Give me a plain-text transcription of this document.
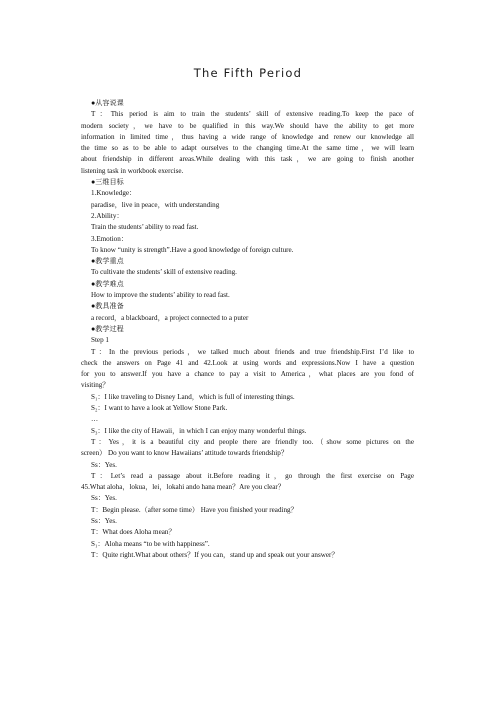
The Fifth Period
●从容说课
T：This period is aim to train the students’ skill of extensive reading.To keep the pace of
modern society，we have to be qualified in this way.We should have the ability to get more
information in limited time，thus having a wide range of knowledge and renew our knowledge all
the time so as to be able to adapt ourselves to the changing time.At the same time，we will learn
about friendship in different areas.While dealing with this task，we are going to finish another
listening task in workbook exercise.
●三维目标
1.Knowledge：
paradise，live in peace，with understanding
2.Ability：
Train the students’ ability to read fast.
3.Emotion：
To know “unity is strength”.Have a good knowledge of foreign culture.
●教学重点
To cultivate the students’ skill of extensive reading.
●教学难点
How to improve the students’ ability to read fast.
●教具准备
a record，a blackboard，a project connected to a puter
●教学过程
Step 1
T：In the previous periods，we talked much about friends and true friendship.First I’d like to
check the answers on Page 41 and 42.Look at using words and expressions.Now I have a question
for you to answer.If you have a chance to pay a visit to America，what places are you fond of
visiting？
S₁：I like traveling to Disney Land，which is full of interesting things.
S₂：I want to have a look at Yellow Stone Park.
…
S₃：I like the city of Hawaii，in which I can enjoy many wonderful things.
T：Yes，it is a beautiful city and people there are friendly too.（show some pictures on the
screen） Do you want to know Hawaiians’ attitude towards friendship？
Ss：Yes.
T：Let’s read a passage about it.Before reading it，go through the first exercise on Page
45.What aloha，lokua，lei，lokahi ando hana mean？Are you clear？
Ss：Yes.
T：Begin please.（after some time） Have you finished your reading？
Ss：Yes.
T：What does Aloha mean？
S₁：Aloha means “to be with happiness”.
T：Quite right.What about others？If you can，stand up and speak out your answer？
